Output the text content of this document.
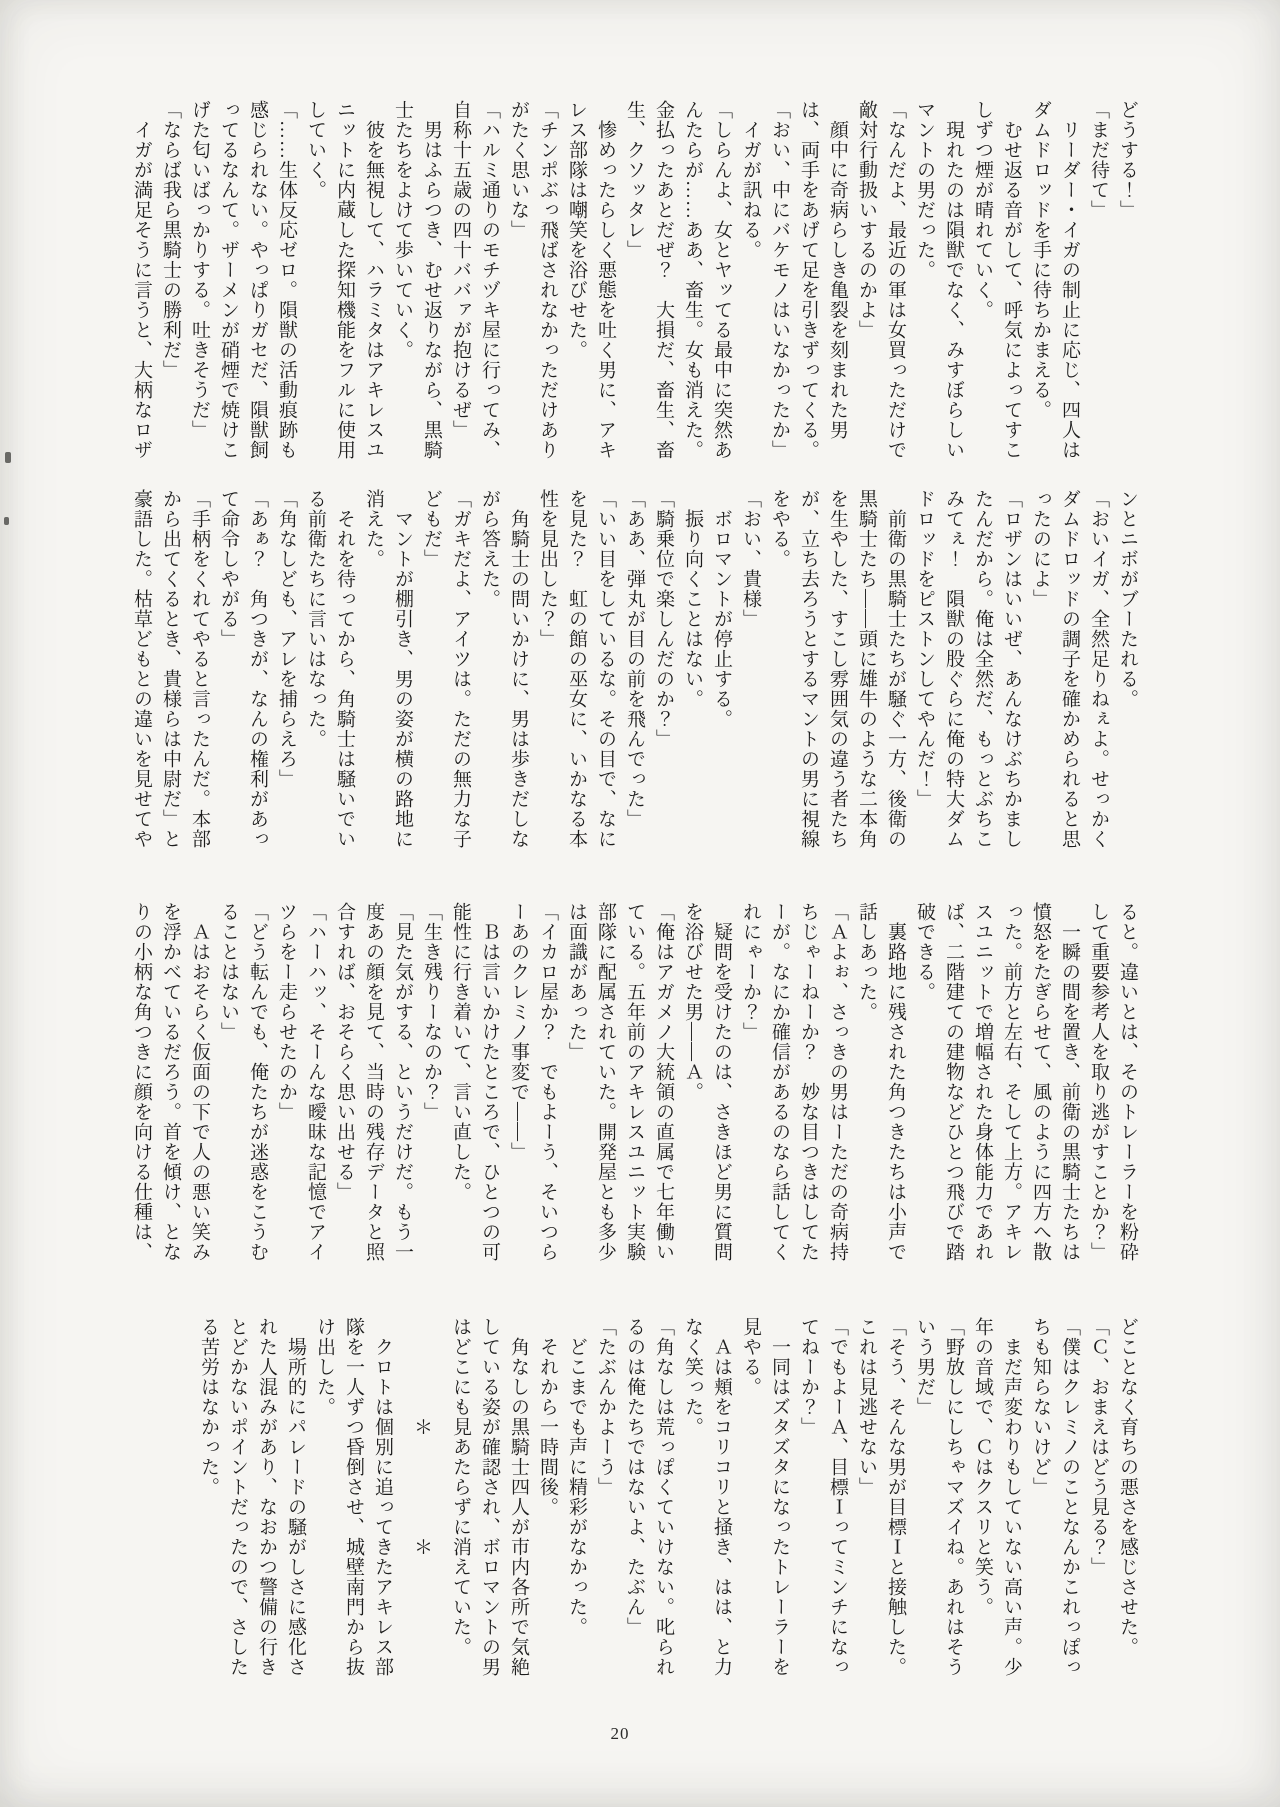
どうする！」

「まだ待て」

　リーダー・イガの制止に応じ、四人はダムドロッドを手に待ちかまえる。

　むせ返る音がして、呼気によってすこしずつ煙が晴れていく。

　現れたのは隕獣でなく、みすぼらしいマントの男だった。

「なんだよ、最近の軍は女買っただけで敵対行動扱いするのかよ」

　顔中に奇病らしき亀裂を刻まれた男は、両手をあげて足を引きずってくる。

「おい、中にバケモノはいなかったか」

　イガが訊ねる。

「しらんよ、女とヤッてる最中に突然あんたらが……ああ、畜生。女も消えた。金払ったあとだぜ？　大損だ、畜生、畜生、クソッタレ」

　惨めったらしく悪態を吐く男に、アキレス部隊は嘲笑を浴びせた。

「チンポぶっ飛ばされなかっただけありがたく思いな」

「ハルミ通りのモチヅキ屋に行ってみ、自称十五歳の四十ババァが抱けるぜ」

　男はふらつき、むせ返りながら、黒騎士たちをよけて歩いていく。

　彼を無視して、ハラミタはアキレスユニットに内蔵した探知機能をフルに使用していく。

「……生体反応ゼロ。隕獣の活動痕跡も感じられない。やっぱりガセだ、隕獣飼ってるなんて。ザーメンが硝煙で焼けこげた匂いばっかりする。吐きそうだ」

「ならば我ら黒騎士の勝利だ」

　イガが満足そうに言うと、大柄なロザ

ンとニボがブーたれる。

「おいイガ、全然足りねぇよ。せっかくダムドロッドの調子を確かめられると思ったのによ」

「ロザンはいいぜ、あんなけぶちかましたんだから。俺は全然だ、もっとぶちこみてぇ！　隕獣の股ぐらに俺の特大ダムドロッドをピストンしてやんだ！」

　前衛の黒騎士たちが騒ぐ一方、後衛の黒騎士たち——頭に雄牛のような二本角を生やした、すこし雰囲気の違う者たちが、立ち去ろうとするマントの男に視線をやる。

「おい、貴様」

　ボロマントが停止する。

　振り向くことはない。

「騎乗位で楽しんだのか？」

「ああ、弾丸が目の前を飛んでった」

「いい目をしているな。その目で、なにを見た？　虹の館の巫女に、いかなる本性を見出した？」

　角騎士の問いかけに、男は歩きだしながら答えた。

「ガキだよ、アイツは。ただの無力な子どもだ」

　マントが棚引き、男の姿が横の路地に消えた。

　それを待ってから、角騎士は騒いでいる前衛たちに言いはなった。

「角なしども、アレを捕らえろ」

「あぁ？　角つきが、なんの権利があって命令しやがる」

「手柄をくれてやると言ったんだ。本部から出てくるとき、貴様らは中尉だ」と豪語した。枯草どもとの違いを見せてや

ると。違いとは、そのトレーラーを粉砕して重要参考人を取り逃がすことか？」

　一瞬の間を置き、前衛の黒騎士たちは憤怒をたぎらせて、風のように四方へ散った。前方と左右、そして上方。アキレスユニットで増幅された身体能力であれば、二階建ての建物などひとつ飛びで踏破できる。

　裏路地に残された角つきたちは小声で話しあった。

「Ａよぉ、さっきの男はーただの奇病持ちじゃーねーか？　妙な目つきはしてたーが。なにか確信があるのなら話してくれにゃーか？」

　疑問を受けたのは、さきほど男に質問を浴びせた男——Ａ。

「俺はアガメノ大統領の直属で七年働いている。五年前のアキレスユニット実験部隊に配属されていた。開発屋とも多少は面識があった」

「イカロ屋か？　でもよーう、そいつらーあのクレミノ事変で——」

　Ｂは言いかけたところで、ひとつの可能性に行き着いて、言い直した。

「生き残りーなのか？」

「見た気がする、というだけだ。もう一度あの顔を見て、当時の残存データと照合すれば、おそらく思い出せる」

「ハーハッ、そーんな曖昧な記憶でアイツらをー走らせたのか」

「どう転んでも、俺たちが迷惑をこうむることはない」

　Ａはおそらく仮面の下で人の悪い笑みを浮かべているだろう。首を傾け、となりの小柄な角つきに顔を向ける仕種は、

どことなく育ちの悪さを感じさせた。

「Ｃ、おまえはどう見る？」

「僕はクレミノのことなんかこれっぽっちも知らないけど」

　まだ声変わりもしていない高い声。少年の音域で、Ｃはクスリと笑う。

「野放しにしちゃマズイね。あれはそういう男だ」

「そう、そんな男が目標Ｉと接触した。これは見逃せない」

「でもよーＡ、目標Ｉってミンチになってねーか？」

　一同はズタズタになったトレーラーを見やる。

　Ａは頬をコリコリと掻き、はは、と力なく笑った。

「角なしは荒っぽくていけない。叱られるのは俺たちではないよ、たぶん」

「たぶんかよーう」

　どこまでも声に精彩がなかった。

　それから一時間後。

　角なしの黒騎士四人が市内各所で気絶している姿が確認され、ボロマントの男はどこにも見あたらずに消えていた。

　　　　　＊　　　　　＊

　クロトは個別に追ってきたアキレス部隊を一人ずつ昏倒させ、城壁南門から抜け出した。

　場所的にパレードの騒がしさに感化された人混みがあり、なおかつ警備の行きとどかないポイントだったので、さしたる苦労はなかった。

20
